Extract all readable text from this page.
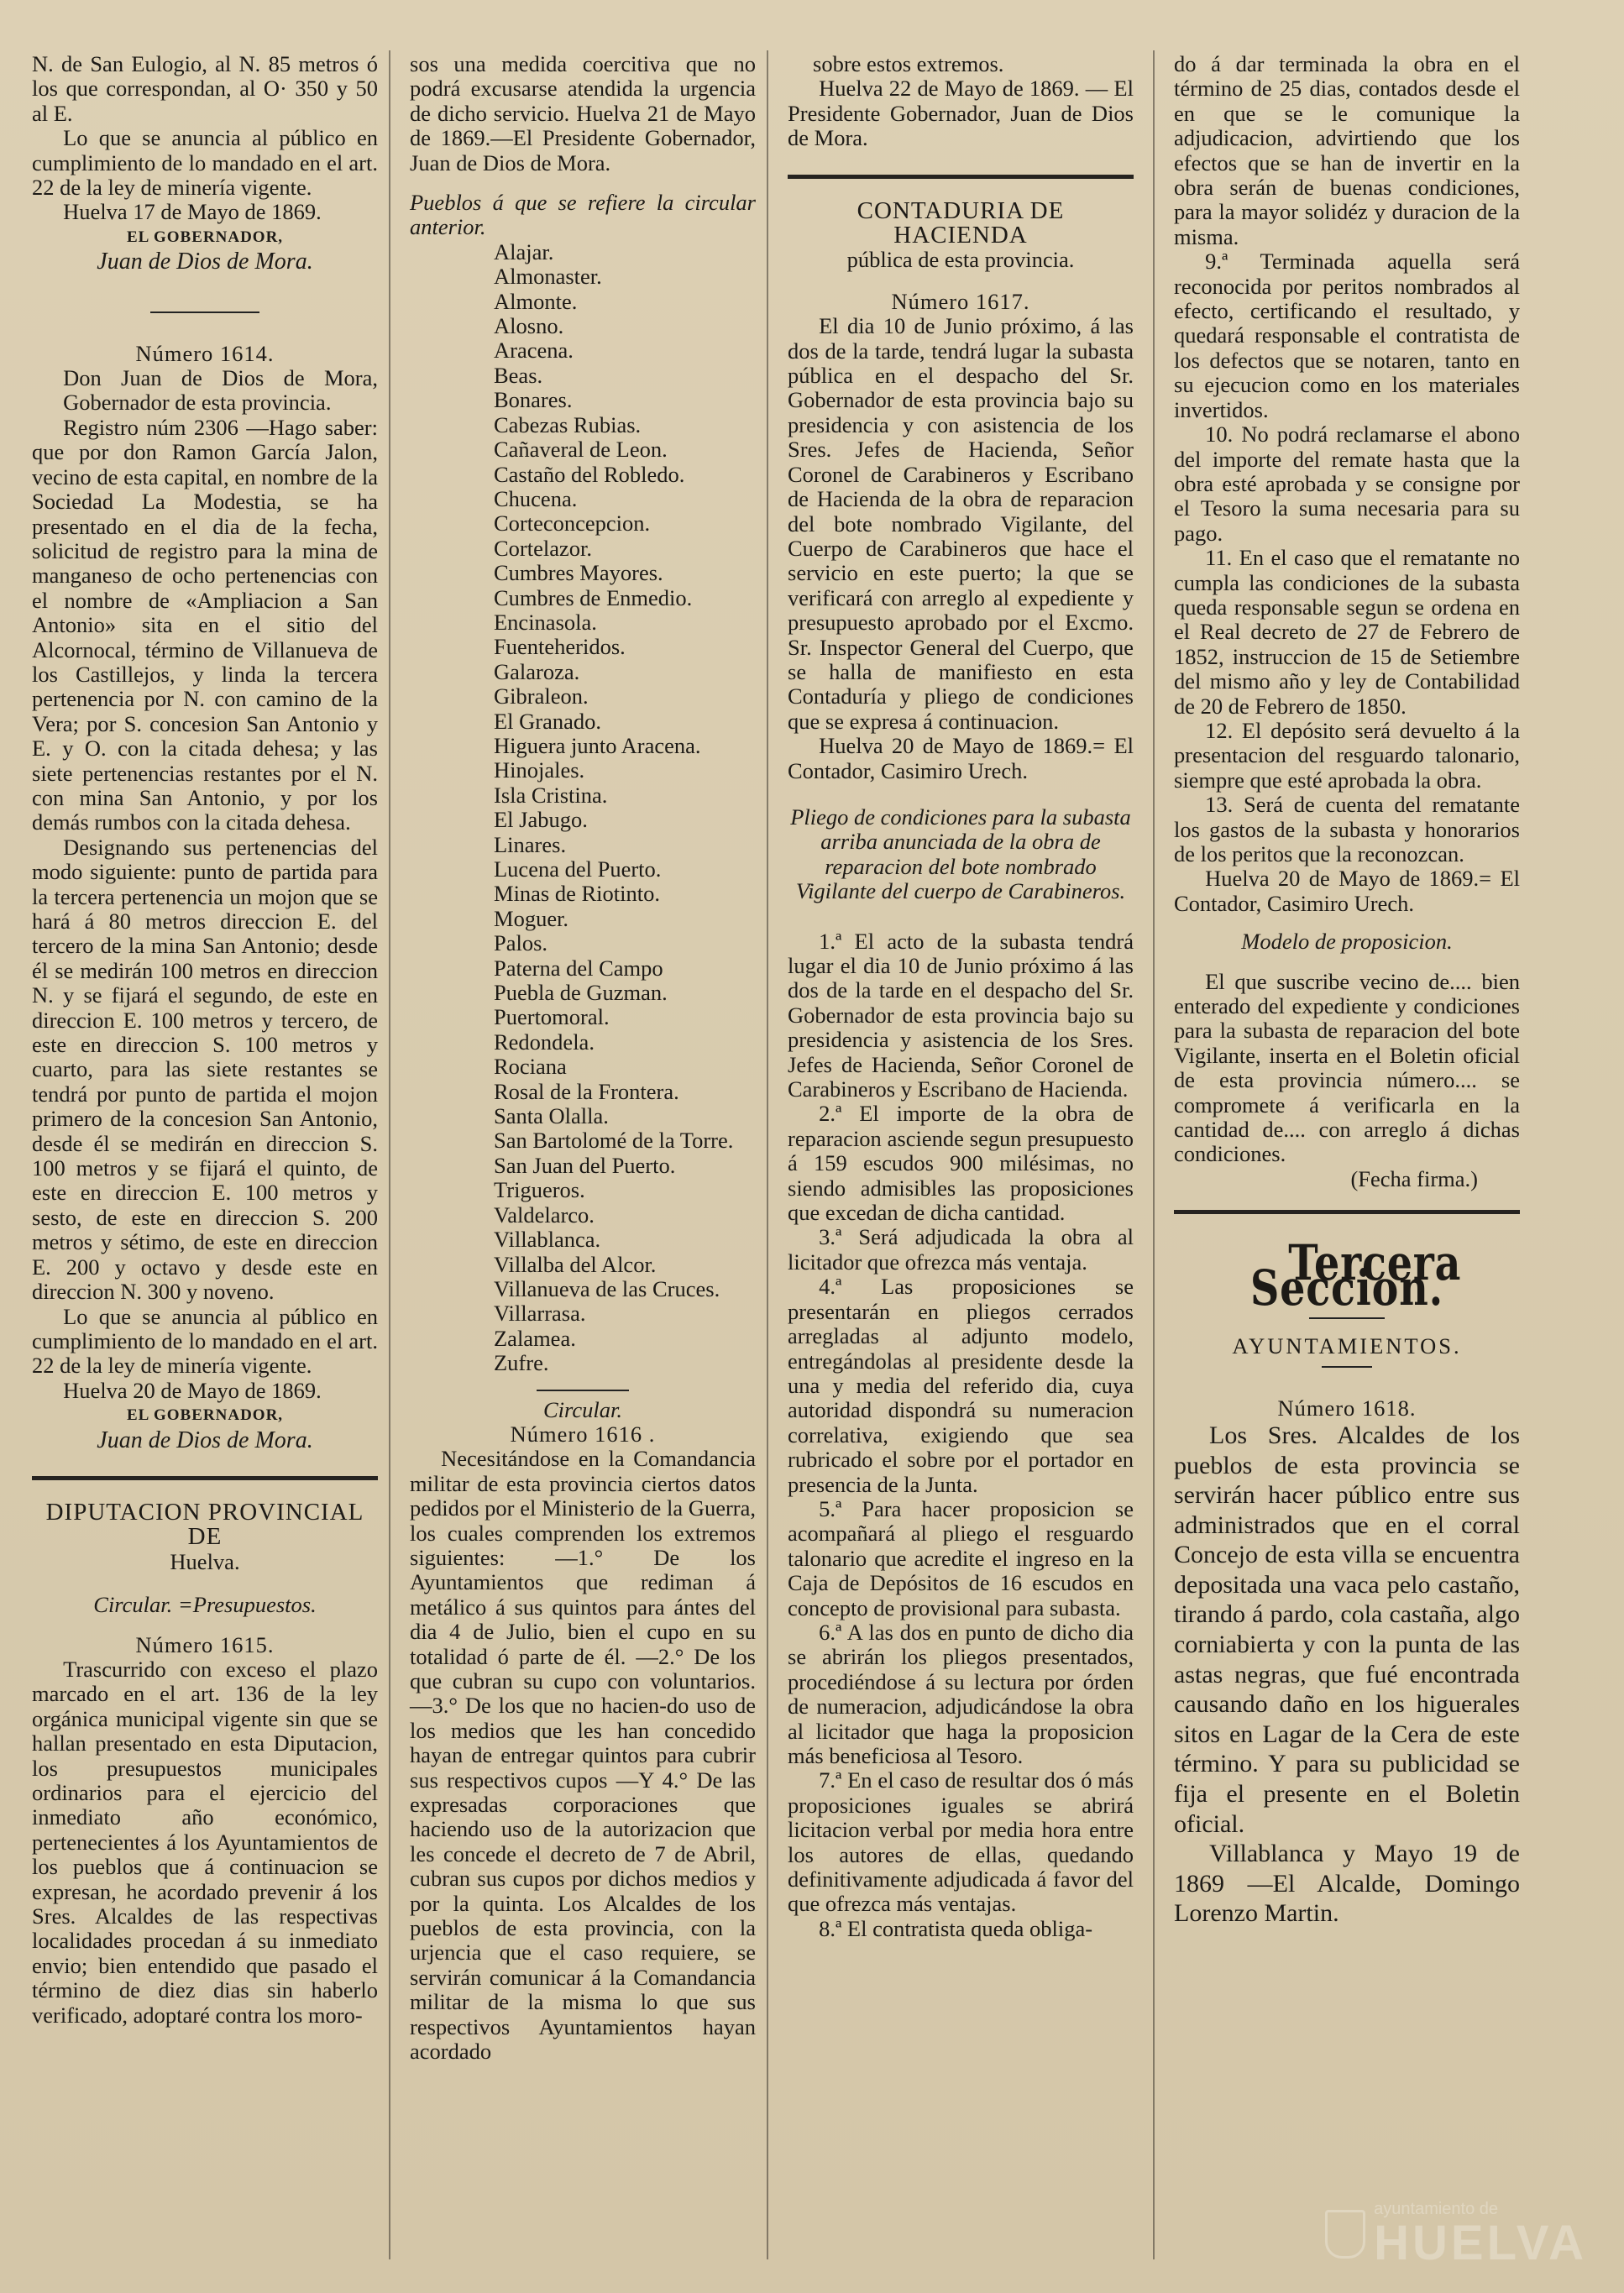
N. de San Eulogio, al N. 85 metros ó los que correspondan, al O· 350 y 50 al E.

Lo que se anuncia al público en cumplimiento de lo mandado en el art. 22 de la ley de minería vigente.

Huelva 17 de Mayo de 1869.

EL GOBERNADOR,

Juan de Dios de Mora.

Número 1614.

Don Juan de Dios de Mora, Gobernador de esta provincia.

Registro núm 2306 —Hago saber: que por don Ramon García Jalon, vecino de esta capital, en nombre de la Sociedad La Modestia, se ha presentado en el dia de la fecha, solicitud de registro para la mina de manganeso de ocho pertenencias con el nombre de «Ampliacion a San Antonio» sita en el sitio del Alcornocal, término de Villanueva de los Castillejos, y linda la tercera pertenencia por N. con camino de la Vera; por S. concesion San Antonio y E. y O. con la citada dehesa; y las siete pertenencias restantes por el N. con mina San Antonio, y por los demás rumbos con la citada dehesa.

Designando sus pertenencias del modo siguiente: punto de partida para la tercera pertenencia un mojon que se hará á 80 metros direccion E. del tercero de la mina San Antonio; desde él se medirán 100 metros en direccion N. y se fijará el segundo, de este en direccion E. 100 metros y tercero, de este en direccion S. 100 metros y cuarto, para las siete restantes se tendrá por punto de partida el mojon primero de la concesion San Antonio, desde él se medirán en direccion S. 100 metros y se fijará el quinto, de este en direccion E. 100 metros y sesto, de este en direccion S. 200 metros y sétimo, de este en direccion E. 200 y octavo y desde este en direccion N. 300 y noveno.

Lo que se anuncia al público en cumplimiento de lo mandado en el art. 22 de la ley de minería vigente.

Huelva 20 de Mayo de 1869.

EL GOBERNADOR,

Juan de Dios de Mora.

DIPUTACION PROVINCIAL DE

Huelva.

Circular. =Presupuestos.

Número 1615.

Trascurrido con exceso el plazo marcado en el art. 136 de la ley orgánica municipal vigente sin que se hallan presentado en esta Diputacion, los presupuestos municipales ordinarios para el ejercicio del inmediato año económico, pertenecientes á los Ayuntamientos de los pueblos que á continuacion se expresan, he acordado prevenir á los Sres. Alcaldes de las respectivas localidades procedan á su inmediato envio; bien entendido que pasado el término de diez dias sin haberlo verificado, adoptaré contra los moro-

sos una medida coercitiva que no podrá excusarse atendida la urgencia de dicho servicio. Huelva 21 de Mayo de 1869.—El Presidente Gobernador, Juan de Dios de Mora.

Pueblos á que se refiere la circular anterior.

Alajar.
Almonaster.
Almonte.
Alosno.
Aracena.
Beas.
Bonares.
Cabezas Rubias.
Cañaveral de Leon.
Castaño del Robledo.
Chucena.
Corteconcepcion.
Cortelazor.
Cumbres Mayores.
Cumbres de Enmedio.
Encinasola.
Fuenteheridos.
Galaroza.
Gibraleon.
El Granado.
Higuera junto Aracena.
Hinojales.
Isla Cristina.
El Jabugo.
Linares.
Lucena del Puerto.
Minas de Riotinto.
Moguer.
Palos.
Paterna del Campo
Puebla de Guzman.
Puertomoral.
Redondela.
Rociana
Rosal de la Frontera.
Santa Olalla.
San Bartolomé de la Torre.
San Juan del Puerto.
Trigueros.
Valdelarco.
Villablanca.
Villalba del Alcor.
Villanueva de las Cruces.
Villarrasa.
Zalamea.
Zufre.

Circular.

Número 1616 .

Necesitándose en la Comandancia militar de esta provincia ciertos datos pedidos por el Ministerio de la Guerra, los cuales comprenden los extremos siguientes: —1.° De los Ayuntamientos que rediman á metálico á sus quintos para ántes del dia 4 de Julio, bien el cupo en su totalidad ó parte de él. —2.° De los que cubran su cupo con voluntarios. —3.° De los que no hacien-do uso de los medios que les han concedido hayan de entregar quintos para cubrir sus respectivos cupos —Y 4.° De las expresadas corporaciones que haciendo uso de la autorizacion que les concede el decreto de 7 de Abril, cubran sus cupos por dichos medios y por la quinta. Los Alcaldes de los pueblos de esta provincia, con la urjencia que el caso requiere, se servirán comunicar á la Comandancia militar de la misma lo que sus respectivos Ayuntamientos hayan acordado

sobre estos extremos.

Huelva 22 de Mayo de 1869. — El Presidente Gobernador, Juan de Dios de Mora.

CONTADURIA DE HACIENDA

pública de esta provincia.

Número 1617.

El dia 10 de Junio próximo, á las dos de la tarde, tendrá lugar la subasta pública en el despacho del Sr. Gobernador de esta provincia bajo su presidencia y con asistencia de los Sres. Jefes de Hacienda, Señor Coronel de Carabineros y Escribano de Hacienda de la obra de reparacion del bote nombrado Vigilante, del Cuerpo de Carabineros que hace el servicio en este puerto; la que se verificará con arreglo al expediente y presupuesto aprobado por el Excmo. Sr. Inspector General del Cuerpo, que se halla de manifiesto en esta Contaduría y pliego de condiciones que se expresa á continuacion.

Huelva 20 de Mayo de 1869.= El Contador, Casimiro Urech.

Pliego de condiciones para la subasta arriba anunciada de la obra de reparacion del bote nombrado Vigilante del cuerpo de Carabineros.

1.ª El acto de la subasta tendrá lugar el dia 10 de Junio próximo á las dos de la tarde en el despacho del Sr. Gobernador de esta provincia bajo su presidencia y asistencia de los Sres. Jefes de Hacienda, Señor Coronel de Carabineros y Escribano de Hacienda.

2.ª El importe de la obra de reparacion asciende segun presupuesto á 159 escudos 900 milésimas, no siendo admisibles las proposiciones que excedan de dicha cantidad.

3.ª Será adjudicada la obra al licitador que ofrezca más ventaja.

4.ª Las proposiciones se presentarán en pliegos cerrados arregladas al adjunto modelo, entregándolas al presidente desde la una y media del referido dia, cuya autoridad dispondrá su numeracion correlativa, exigiendo que sea rubricado el sobre por el portador en presencia de la Junta.

5.ª Para hacer proposicion se acompañará al pliego el resguardo talonario que acredite el ingreso en la Caja de Depósitos de 16 escudos en concepto de provisional para subasta.

6.ª A las dos en punto de dicho dia se abrirán los pliegos presentados, procediéndose á su lectura por órden de numeracion, adjudicándose la obra al licitador que haga la proposicion más beneficiosa al Tesoro.

7.ª En el caso de resultar dos ó más proposiciones iguales se abrirá licitacion verbal por media hora entre los autores de ellas, quedando definitivamente adjudicada á favor del que ofrezca más ventajas.

8.ª El contratista queda obliga-

do á dar terminada la obra en el término de 25 dias, contados desde el en que se le comunique la adjudicacion, advirtiendo que los efectos que se han de invertir en la obra serán de buenas condiciones, para la mayor solidéz y duracion de la misma.

9.ª Terminada aquella será reconocida por peritos nombrados al efecto, certificando el resultado, y quedará responsable el contratista de los defectos que se notaren, tanto en su ejecucion como en los materiales invertidos.

10. No podrá reclamarse el abono del importe del remate hasta que la obra esté aprobada y se consigne por el Tesoro la suma necesaria para su pago.

11. En el caso que el rematante no cumpla las condiciones de la subasta queda responsable segun se ordena en el Real decreto de 27 de Febrero de 1852, instruccion de 15 de Setiembre del mismo año y ley de Contabilidad de 20 de Febrero de 1850.

12. El depósito será devuelto á la presentacion del resguardo talonario, siempre que esté aprobada la obra.

13. Será de cuenta del rematante los gastos de la subasta y honorarios de los peritos que la reconozcan.

Huelva 20 de Mayo de 1869.= El Contador, Casimiro Urech.

Modelo de proposicion.

El que suscribe vecino de.... bien enterado del expediente y condiciones para la subasta de reparacion del bote Vigilante, inserta en el Boletin oficial de esta provincia número.... se compromete á verificarla en la cantidad de.... con arreglo á dichas condiciones.

(Fecha firma.)

Tercera Seccion.

AYUNTAMIENTOS.

Número 1618.

Los Sres. Alcaldes de los pueblos de esta provincia se servirán hacer público entre sus administrados que en el corral Concejo de esta villa se encuentra depositada una vaca pelo castaño, tirando á pardo, cola castaña, algo corniabierta y con la punta de las astas negras, que fué encontrada causando daño en los higuerales sitos en Lagar de la Cera de este término. Y para su publicidad se fija el presente en el Boletin oficial.

Villablanca y Mayo 19 de 1869 —El Alcalde, Domingo Lorenzo Martin.

ayuntamiento de
HUELVA
